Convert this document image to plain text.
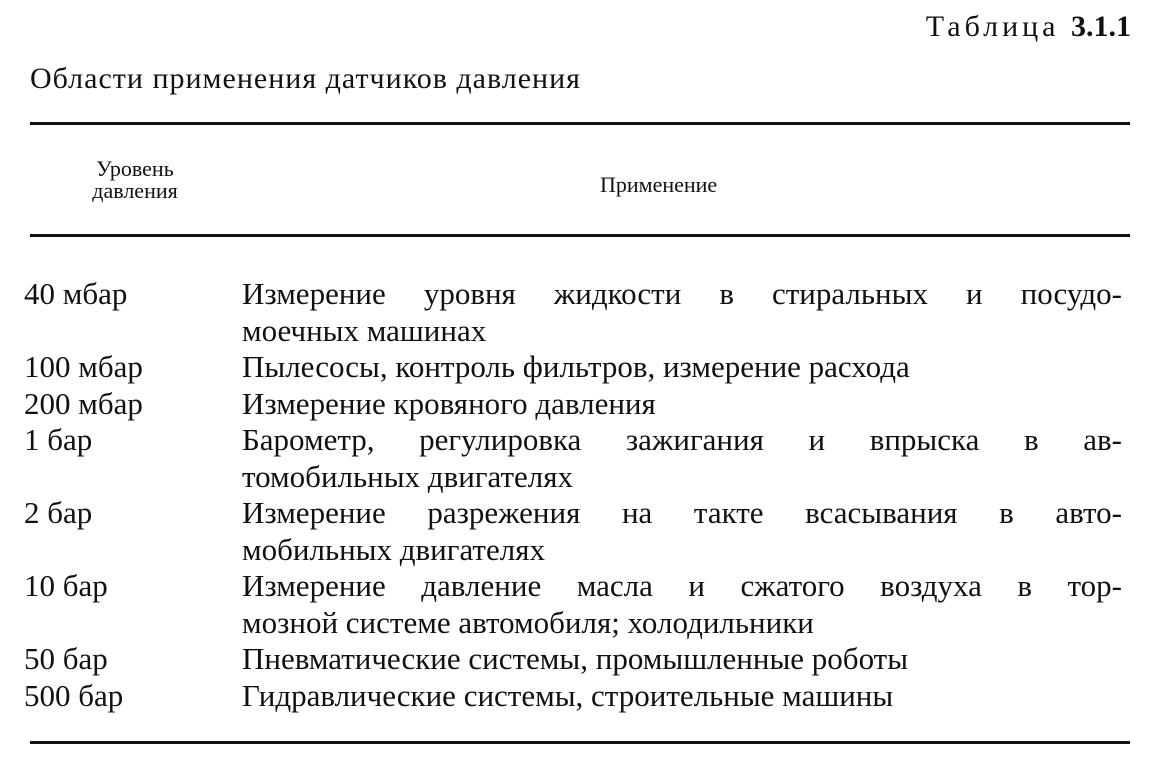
Таблица 3.1.1
Области применения датчиков давления
Уровень
давления	Применение
40 мбар	Измерение уровня жидкости в стиральных и посудо-
моечных машинах
100 мбар	Пылесосы, контроль фильтров, измерение расхода
200 мбар	Измерение кровяного давления
1 бар	Барометр, регулировка зажигания и впрыска в ав-
томобильных двигателях
2 бар	Измерение разрежения на такте всасывания в авто-
мобильных двигателях
10 бар	Измерение давление масла и сжатого воздуха в тор-
мозной системе автомобиля; холодильники
50 бар	Пневматические системы, промышленные роботы
500 бар	Гидравлические системы, строительные машины
